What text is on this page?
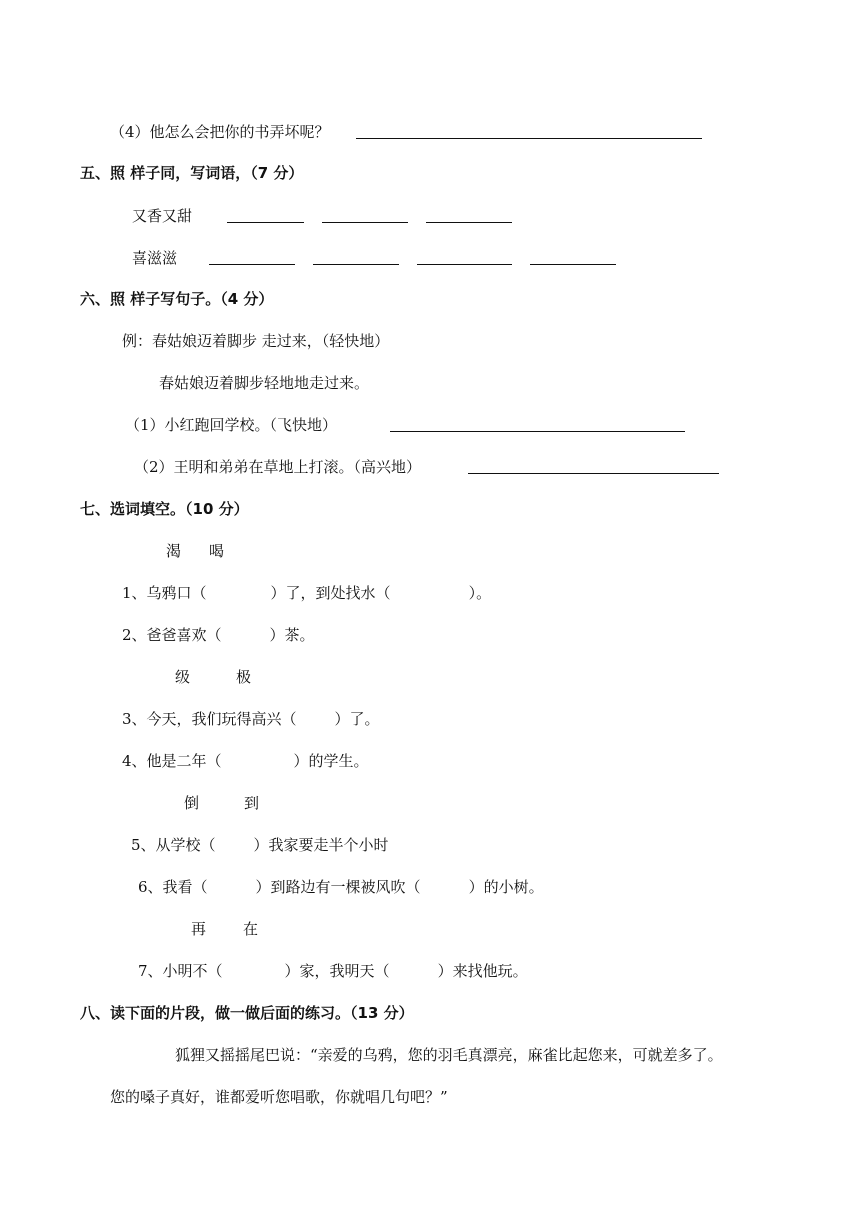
（4）他怎么会把你的书弄坏呢？
五、照 样子同，写词语，（7 分）
又香又甜
喜滋滋
六、照 样子写句子。（4 分）
例：春姑娘迈着脚步 走过来，（轻快地）
春姑娘迈着脚步轻地地走过来。
（1）小红跑回学校。（飞快地）
（2）王明和弟弟在草地上打滚。（高兴地）
七、选词填空。（10 分）
渴 喝
1、乌鸦口（	）了，到处找水（	）。
2、爸爸喜欢（	）茶。
级	极
3、今天，我们玩得高兴（	）了。
4、他是二年（	）的学生。
倒	到
5、从学校（	）我家要走半个小时
6、我看（	）到路边有一棵被风吹（	）的小树。
再 在
7、小明不（	）家，我明天（	）来找他玩。
八、读下面的片段，做一做后面的练习。（13 分）
狐狸又摇摇尾巴说：“亲爱的乌鸦，您的羽毛真漂亮，麻雀比起您来，可就差多了。
您的嗓子真好，谁都爱听您唱歌，你就唱几句吧？”
